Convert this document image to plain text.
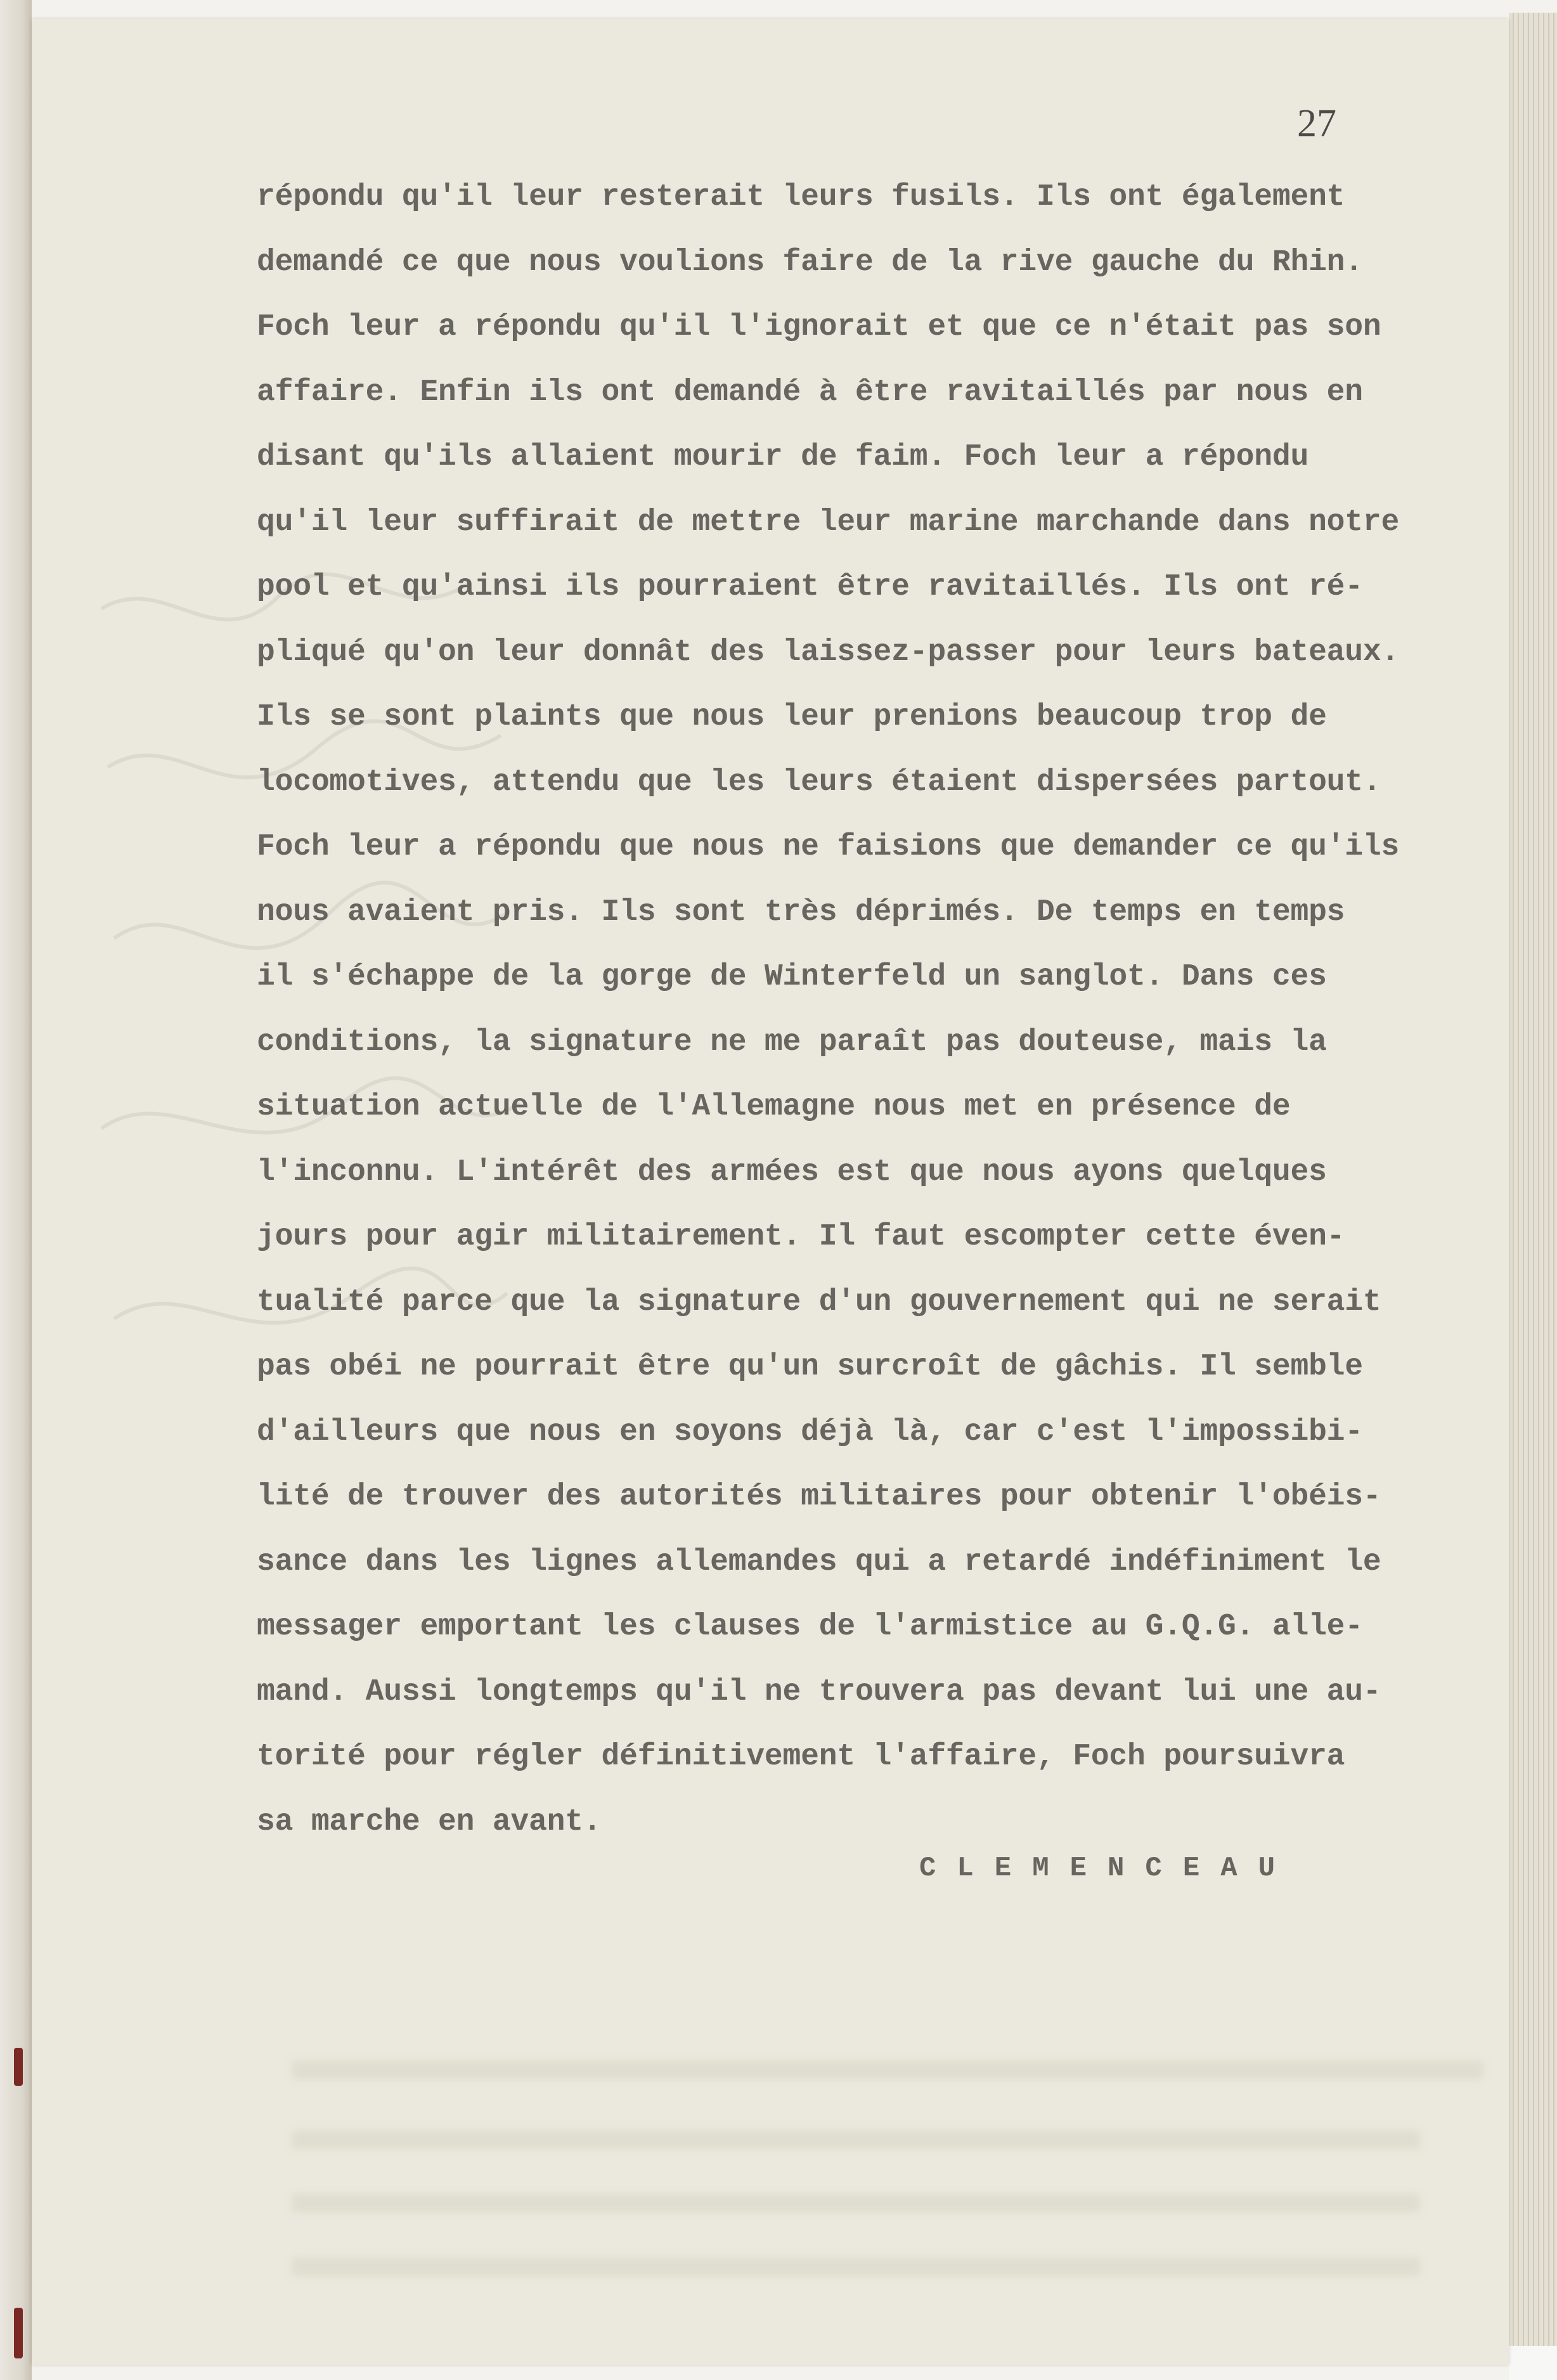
27
répondu qu'il leur resterait leurs fusils. Ils ont également
demandé ce que nous voulions faire de la rive gauche du Rhin.
Foch leur a répondu qu'il l'ignorait et que ce n'était pas son
affaire. Enfin ils ont demandé à être ravitaillés par nous en
disant qu'ils allaient mourir de faim. Foch leur a répondu
qu'il leur suffirait de mettre leur marine marchande dans notre
pool et qu'ainsi ils pourraient être ravitaillés. Ils ont ré-
pliqué qu'on leur donnât des laissez-passer pour leurs bateaux.
Ils se sont plaints que nous leur prenions beaucoup trop de
locomotives, attendu que les leurs étaient dispersées partout.
Foch leur a répondu que nous ne faisions que demander ce qu'ils
nous avaient pris. Ils sont très déprimés. De temps en temps
il s'échappe de la gorge de Winterfeld un sanglot. Dans ces
conditions, la signature ne me paraît pas douteuse, mais la
situation actuelle de l'Allemagne nous met en présence de
l'inconnu. L'intérêt des armées est que nous ayons quelques
jours pour agir militairement. Il faut escompter cette éven-
tualité parce que la signature d'un gouvernement qui ne serait
pas obéi ne pourrait être qu'un surcroît de gâchis. Il semble
d'ailleurs que nous en soyons déjà là, car c'est l'impossibi-
lité de trouver des autorités militaires pour obtenir l'obéis-
sance dans les lignes allemandes qui a retardé indéfiniment le
messager emportant les clauses de l'armistice au G.Q.G. alle-
mand. Aussi longtemps qu'il ne trouvera pas devant lui une au-
torité pour régler définitivement l'affaire, Foch poursuivra
sa marche en avant.
CLEMENCEAU
